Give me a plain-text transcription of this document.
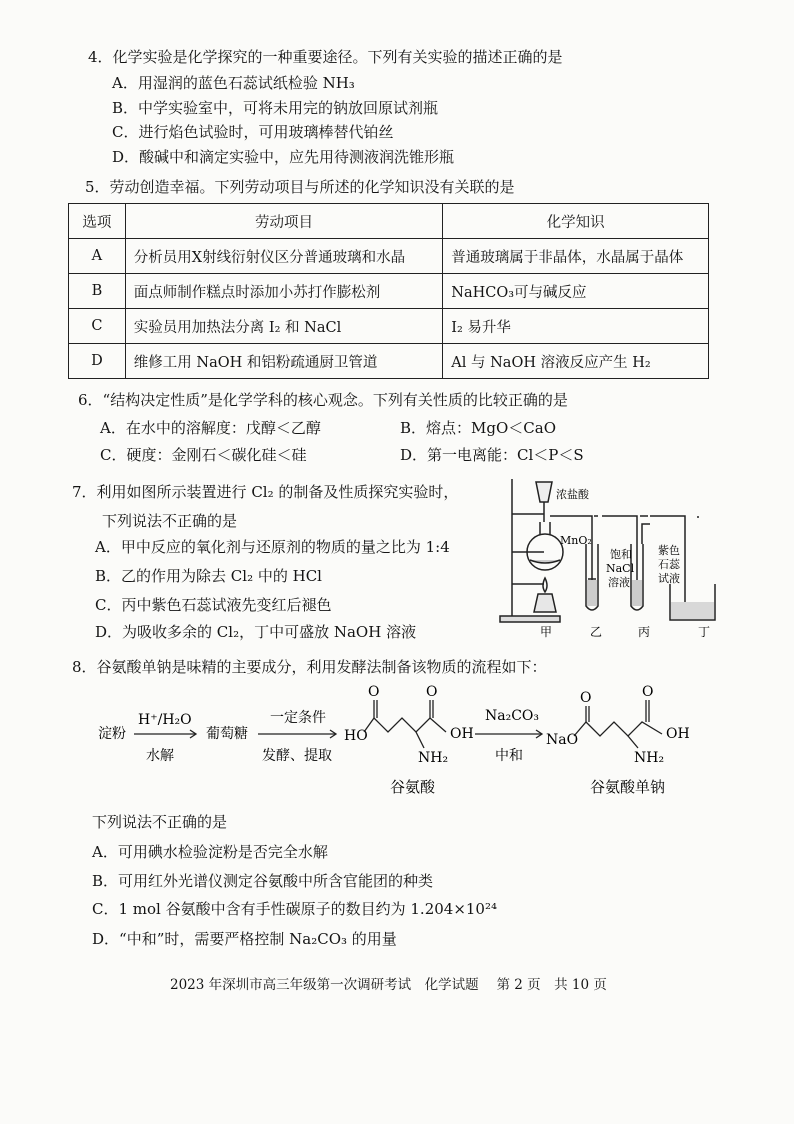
4．化学实验是化学探究的一种重要途径。下列有关实验的描述正确的是
A．用湿润的蓝色石蕊试纸检验 NH₃
B．中学实验室中，可将未用完的钠放回原试剂瓶
C．进行焰色试验时，可用玻璃棒替代铂丝
D．酸碱中和滴定实验中，应先用待测液润洗锥形瓶
5．劳动创造幸福。下列劳动项目与所述的化学知识没有关联的是
选项	劳动项目	化学知识
A	分析员用X射线衍射仪区分普通玻璃和水晶	普通玻璃属于非晶体，水晶属于晶体
B	面点师制作糕点时添加小苏打作膨松剂	NaHCO₃可与碱反应
C	实验员用加热法分离 I₂ 和 NaCl	I₂ 易升华
D	维修工用 NaOH 和铝粉疏通厨卫管道	Al 与 NaOH 溶液反应产生 H₂
6．“结构决定性质”是化学学科的核心观念。下列有关性质的比较正确的是
A．在水中的溶解度：戊醇＜乙醇	B．熔点：MgO＜CaO
C．硬度：金刚石＜碳化硅＜硅	D．第一电离能：Cl＜P＜S
7．利用如图所示装置进行 Cl₂ 的制备及性质探究实验时，
下列说法不正确的是
A．甲中反应的氧化剂与还原剂的物质的量之比为 1:4
B．乙的作用为除去 Cl₂ 中的 HCl
C．丙中紫色石蕊试液先变红后褪色
D．为吸收多余的 Cl₂，丁中可盛放 NaOH 溶液
浓盐酸
MnO₂
饱和
NaCl
溶液
紫色
石蕊
试液
甲	乙	丙	丁
8．谷氨酸单钠是味精的主要成分，利用发酵法制备该物质的流程如下：
淀粉
H⁺/H₂O
水解
葡萄糖
一定条件
发酵、提取
HO	OH
NH₂
Na₂CO₃
中和
NaO	OH
NH₂
O	O	O	O
谷氨酸	谷氨酸单钠
下列说法不正确的是
A．可用碘水检验淀粉是否完全水解
B．可用红外光谱仪测定谷氨酸中所含官能团的种类
C．1 mol 谷氨酸中含有手性碳原子的数目约为 1.204×10²⁴
D．“中和”时，需要严格控制 Na₂CO₃ 的用量
2023 年深圳市高三年级第一次调研考试　化学试题　 第 2 页　共 10 页
